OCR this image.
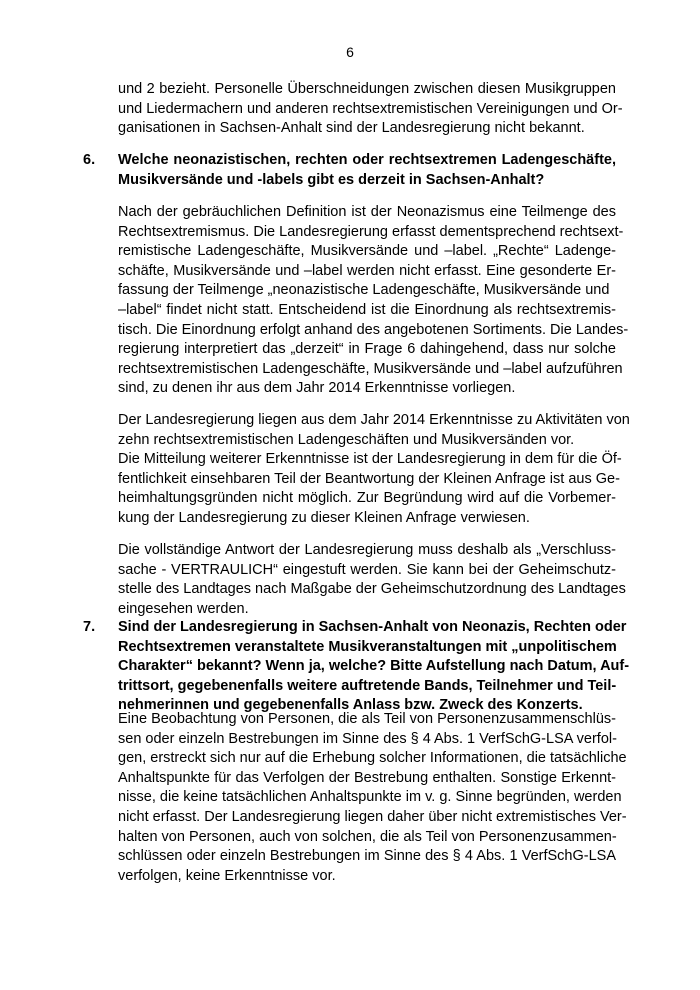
6
und 2 bezieht. Personelle Überschneidungen zwischen diesen Musikgruppen
und Liedermachern und anderen rechtsextremistischen Vereinigungen und Or-
ganisationen in Sachsen-Anhalt sind der Landesregierung nicht bekannt.
6. Welche neonazistischen, rechten oder rechtsextremen Ladengeschäfte,
Musikversände und -labels gibt es derzeit in Sachsen-Anhalt?
Nach der gebräuchlichen Definition ist der Neonazismus eine Teilmenge des
Rechtsextremismus. Die Landesregierung erfasst dementsprechend rechtsext-
remistische Ladengeschäfte, Musikversände und –label. „Rechte“ Ladenge-
schäfte, Musikversände und –label werden nicht erfasst. Eine gesonderte Er-
fassung der Teilmenge „neonazistische Ladengeschäfte, Musikversände und
–label“ findet nicht statt. Entscheidend ist die Einordnung als rechtsextremis-
tisch. Die Einordnung erfolgt anhand des angebotenen Sortiments. Die Landes-
regierung interpretiert das „derzeit“ in Frage 6 dahingehend, dass nur solche
rechtsextremistischen Ladengeschäfte, Musikversände und –label aufzuführen
sind, zu denen ihr aus dem Jahr 2014 Erkenntnisse vorliegen.
Der Landesregierung liegen aus dem Jahr 2014 Erkenntnisse zu Aktivitäten von
zehn rechtsextremistischen Ladengeschäften und Musikversänden vor.
Die Mitteilung weiterer Erkenntnisse ist der Landesregierung in dem für die Öf-
fentlichkeit einsehbaren Teil der Beantwortung der Kleinen Anfrage ist aus Ge-
heimhaltungsgründen nicht möglich. Zur Begründung wird auf die Vorbemer-
kung der Landesregierung zu dieser Kleinen Anfrage verwiesen.
Die vollständige Antwort der Landesregierung muss deshalb als „Verschluss-
sache - VERTRAULICH“ eingestuft werden. Sie kann bei der Geheimschutz-
stelle des Landtages nach Maßgabe der Geheimschutzordnung des Landtages
eingesehen werden.
7. Sind der Landesregierung in Sachsen-Anhalt von Neonazis, Rechten oder
Rechtsextremen veranstaltete Musikveranstaltungen mit „unpolitischem
Charakter“ bekannt? Wenn ja, welche? Bitte Aufstellung nach Datum, Auf-
trittsort, gegebenenfalls weitere auftretende Bands, Teilnehmer und Teil-
nehmerinnen und gegebenenfalls Anlass bzw. Zweck des Konzerts.
Eine Beobachtung von Personen, die als Teil von Personenzusammenschlüs-
sen oder einzeln Bestrebungen im Sinne des § 4 Abs. 1 VerfSchG-LSA verfol-
gen, erstreckt sich nur auf die Erhebung solcher Informationen, die tatsächliche
Anhaltspunkte für das Verfolgen der Bestrebung enthalten. Sonstige Erkennt-
nisse, die keine tatsächlichen Anhaltspunkte im v. g. Sinne begründen, werden
nicht erfasst. Der Landesregierung liegen daher über nicht extremistisches Ver-
halten von Personen, auch von solchen, die als Teil von Personenzusammen-
schlüssen oder einzeln Bestrebungen im Sinne des § 4 Abs. 1 VerfSchG-LSA
verfolgen, keine Erkenntnisse vor.
